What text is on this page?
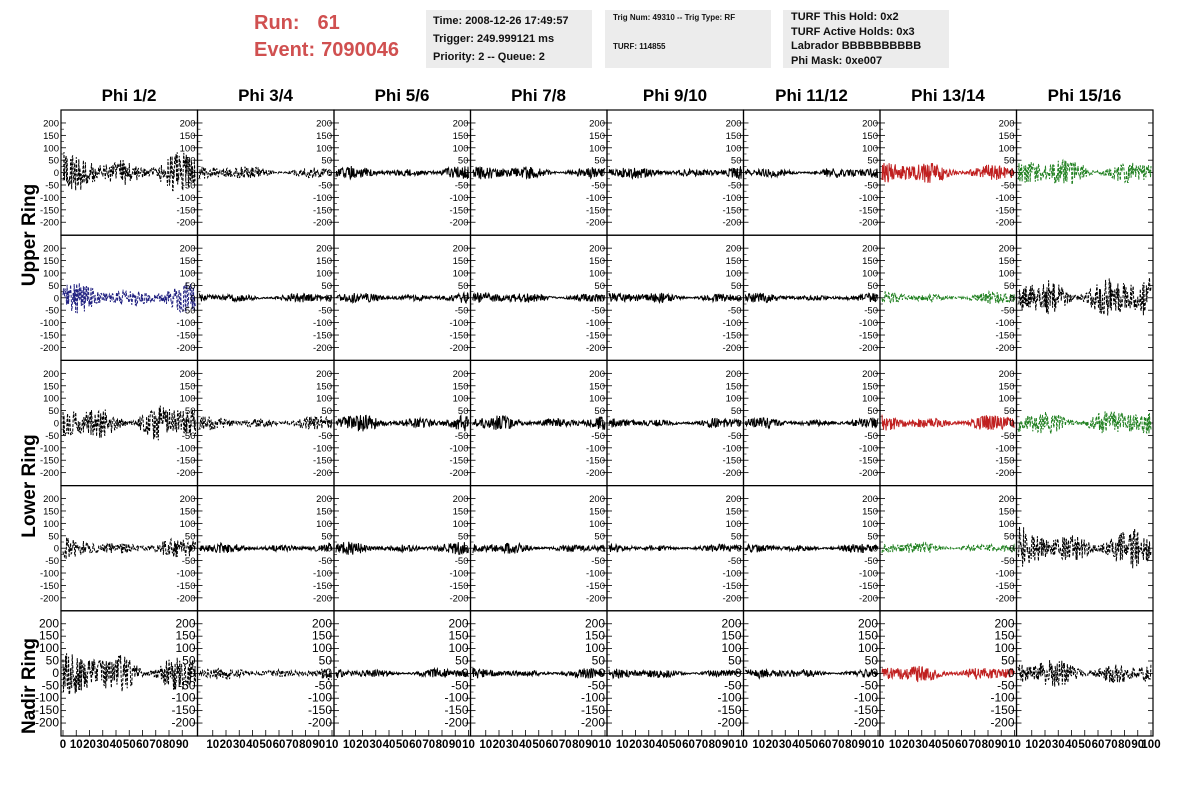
Run: 61
Event: 7090046
Time: 2008-12-26 17:49:57
Trigger: 249.999121 ms
Priority: 2 -- Queue: 2
Trig Num: 49310 -- Trig Type: RF
TURF: 114855
TURF This Hold: 0x2
TURF Active Holds: 0x3
Labrador BBBBBBBBBB
Phi Mask: 0xe007
Phi 1/2	Phi 3/4	Phi 5/6	Phi 7/8	Phi 9/10	Phi 11/12	Phi 13/14	Phi 15/16
Upper Ring
Lower Ring
Nadir Ring
-200
-150
-100
-50
0
50
100
150
200
-200
-150
-100
-50
0
50
100
150
200
-200
-150
-100
-50
0
50
100
150
200
-200
-150
-100
-50
0
50
100
150
200
-200
-150
-100
-50
0
50
100
150
200
-200
-150
-100
-50
0
50
100
150
200
-200
-150
-100
-50
0
50
100
150
200
-200
-150
-100
-50
0
50
100
150
200
-200
-150
-100
-50
0
50
100
150
200
-200
-150
-100
-50
0
50
100
150
200
-200
-150
-100
-50
0
50
100
150
200
-200
-150
-100
-50
0
50
100
150
200
-200
-150
-100
-50
0
50
100
150
200
-200
-150
-100
-50
0
50
100
150
200
-200
-150
-100
-50
0
50
100
150
200
-200
-150
-100
-50
0
50
100
150
200
-200
-150
-100
-50
0
50
100
150
200
-200
-150
-100
-50
0
50
100
150
200
-200
-150
-100
-50
0
50
100
150
200
-200
-150
-100
-50
0
50
100
150
200
-200
-150
-100
-50
0
50
100
150
200
-200
-150
-100
-50
0
50
100
150
200
-200
-150
-100
-50
0
50
100
150
200
-200
-150
-100
-50
0
50
100
150
200
-200
-150
-100
-50
0
50
100
150
200
-200
-150
-100
-50
0
50
100
150
200
-200
-150
-100
-50
0
50
100
150
200
-200
-150
-100
-50
0
50
100
150
200
-200
-150
-100
-50
0
50
100
150
200
-200
-150
-100
-50
0
50
100
150
200
-200
-150
-100
-50
0
50
100
150
200
-200
-150
-100
-50
0
50
100
150
200
-200
-150
-100
-50
0
50
100
150
200
-200
-150
-100
-50
0
50
100
150
200
-200
-150
-100
-50
0
50
100
150
200
-200
-150
-100
-50
0
50
100
150
200
-200
-150
-100
-50
0
50
100
150
200
-200
-150
-100
-50
0
50
100
150
200
-200
-150
-100
-50
0
50
100
150
200
-200
-150
-100
-50
0
50
100
150
200
0 10 20 30 40 50 60 70 80 90 10 20 30 40 50 60 70 80 90 10 10 20 30 40 50 60 70 80 90 10 10 20 30 40 50 60 70 80 90 10 10 20 30 40 50 60 70 80 90 10 10 20 30 40 50 60 70 80 90 10 10 20 30 40 50 60 70 80 90 10 10 20 30 40 50 60 70 80 90
100
